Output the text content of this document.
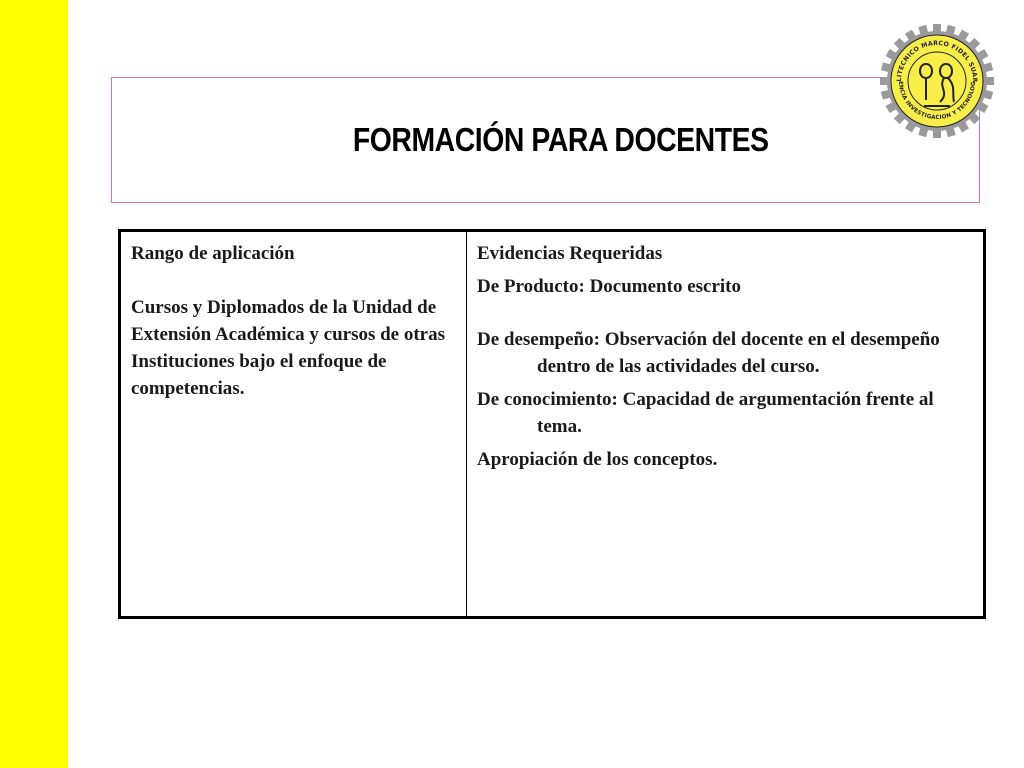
FORMACIÓN PARA DOCENTES
LITECNICO MARCO FIDEL SUAR
ENCIA INVESTIGACION Y TECNOLOG

Rango de aplicación

Cursos y Diplomados de la Unidad de Extensión Académica y cursos de otras Instituciones bajo el enfoque de competencias.

Evidencias Requeridas

De Producto: Documento escrito

De desempeño: Observación del docente en el desempeño dentro de las actividades del curso.

De conocimiento: Capacidad de argumentación frente al tema.

Apropiación de los conceptos.
